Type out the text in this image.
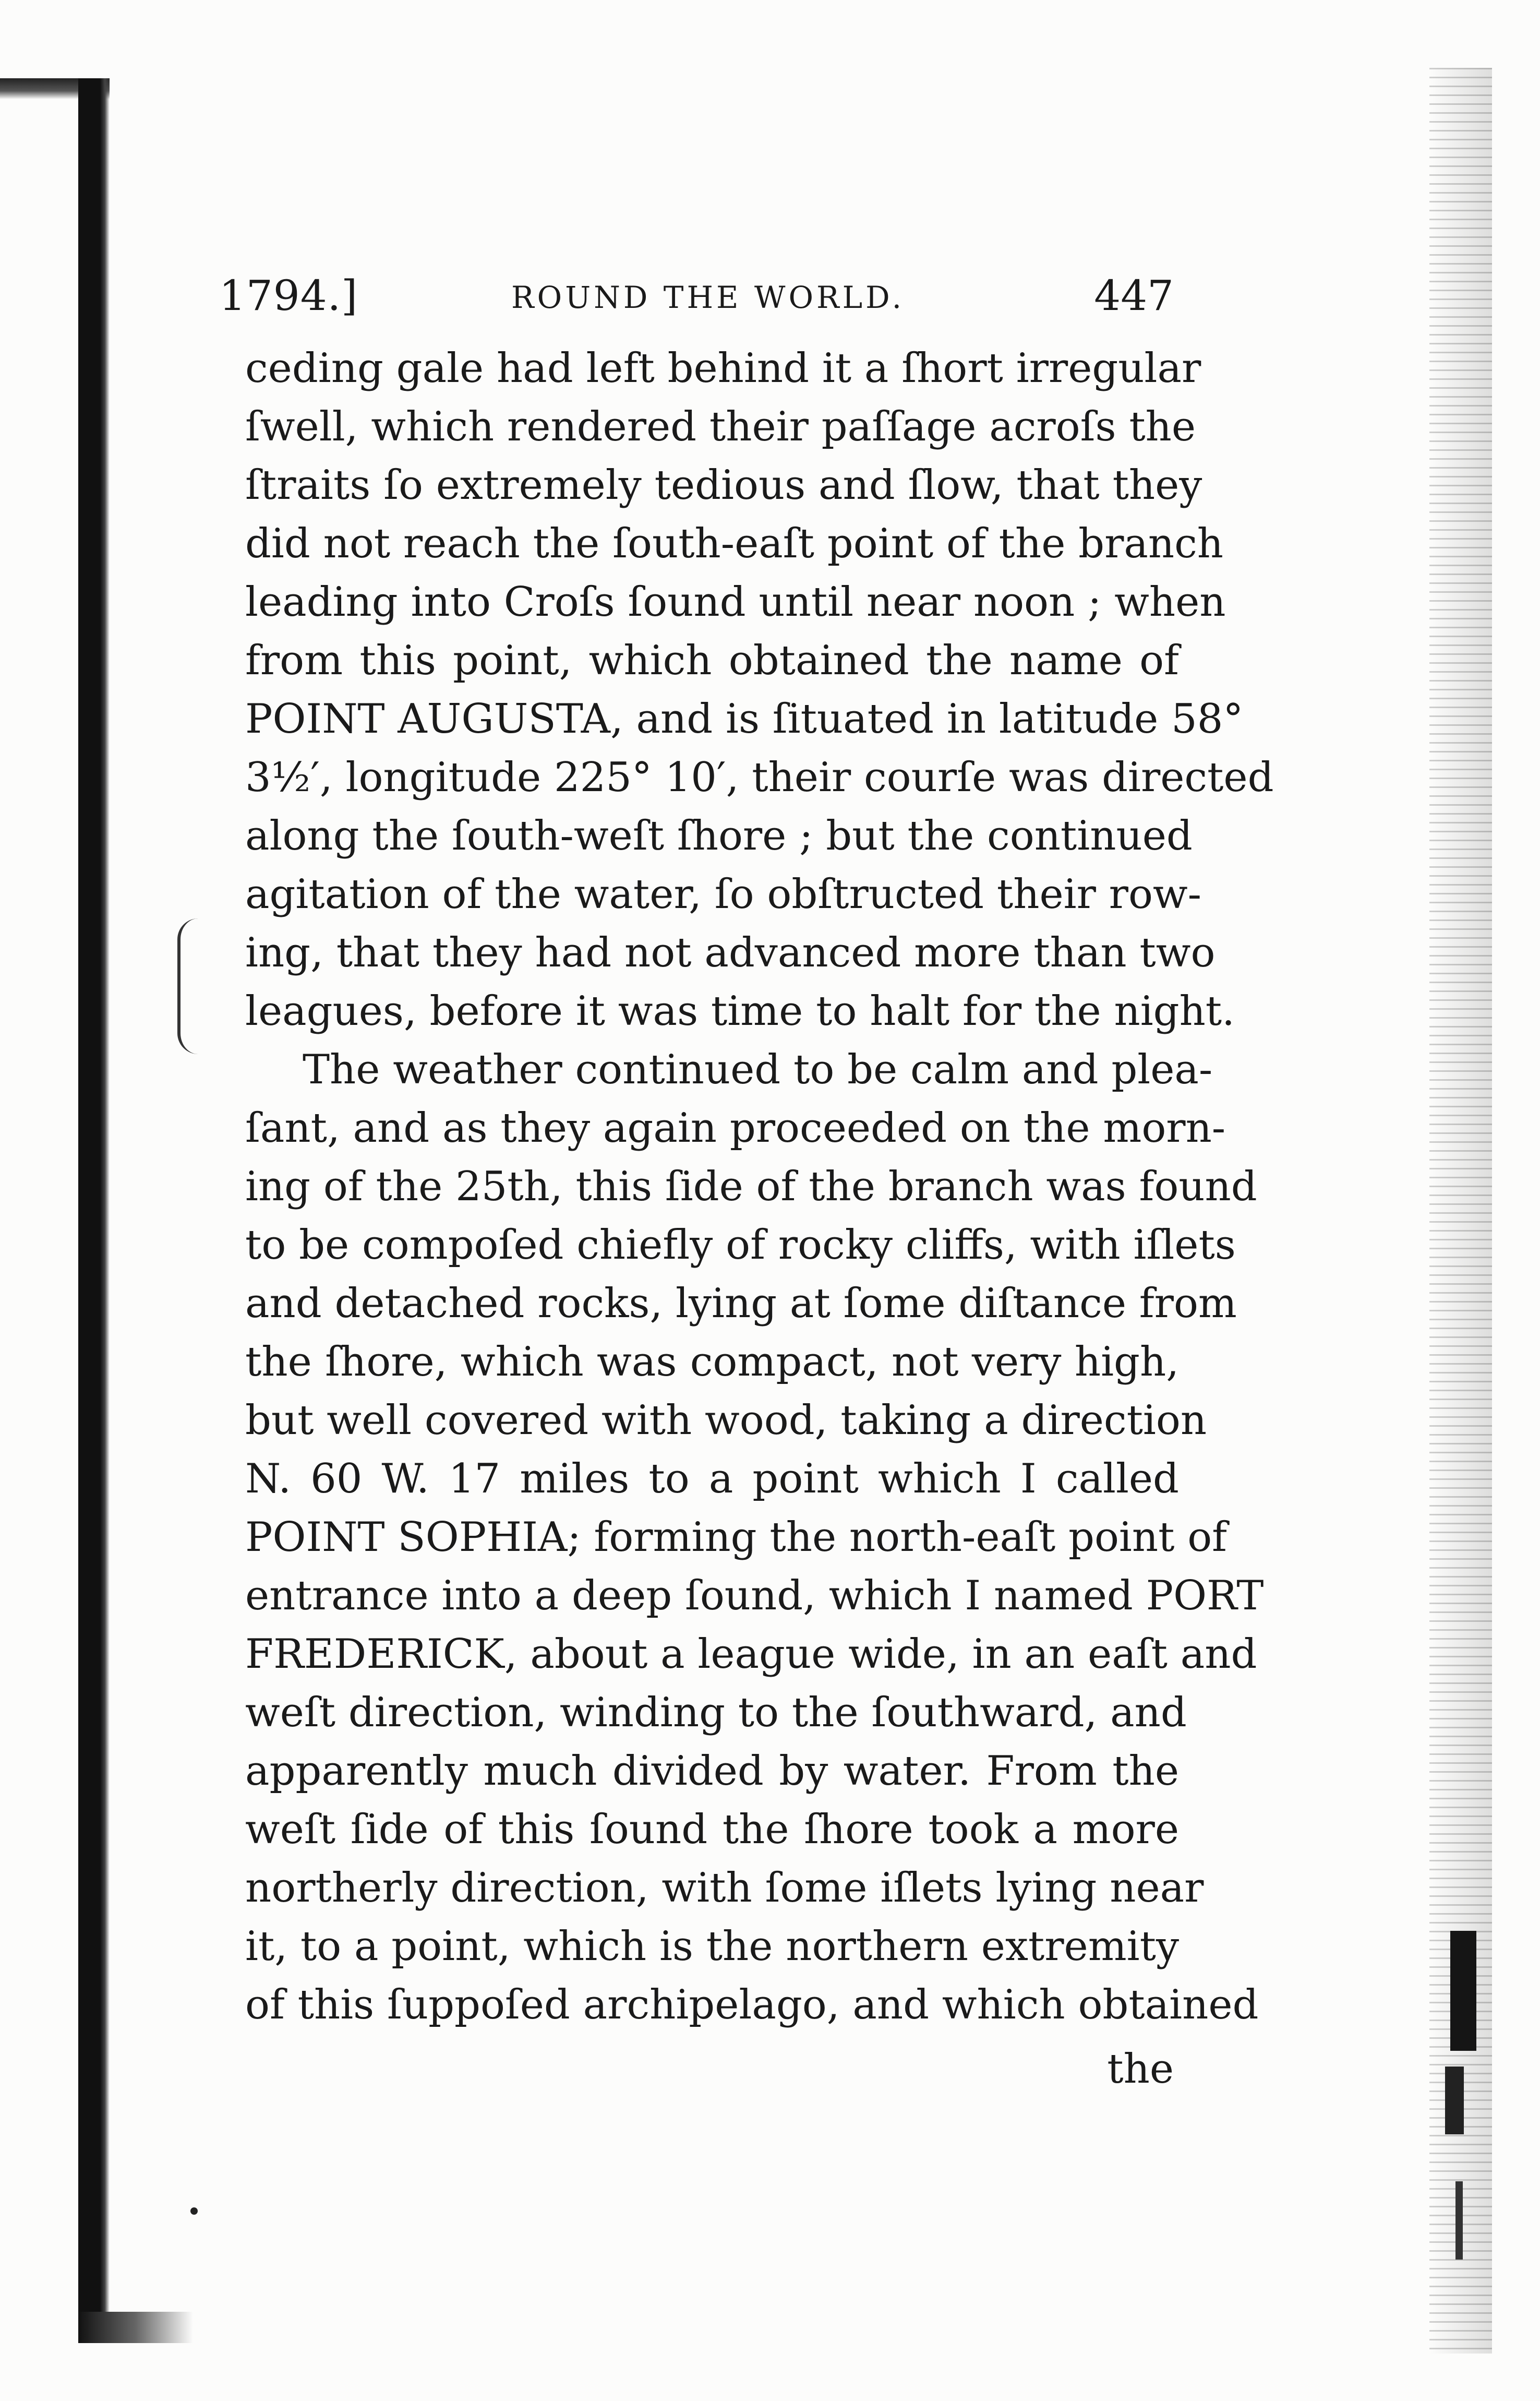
1794.]	ROUND THE WORLD.	447
ceding gale had left behind it a ſhort irregular
ſwell, which rendered their paſſage acroſs the
ſtraits ſo extremely tedious and ſlow, that they
did not reach the ſouth-eaſt point of the branch
leading into Croſs ſound until near noon ; when
from this point, which obtained the name of
POINT AUGUSTA, and is ſituated in latitude 58°
3½′, longitude 225° 10′, their courſe was directed
along the ſouth-weſt ſhore ; but the continued
agitation of the water, ſo obſtructed their row-
ing, that they had not advanced more than two
leagues, before it was time to halt for the night.
The weather continued to be calm and plea-
ſant, and as they again proceeded on the morn-
ing of the 25th, this ſide of the branch was found
to be compoſed chiefly of rocky cliffs, with iſlets
and detached rocks, lying at ſome diſtance from
the ſhore, which was compact, not very high,
but well covered with wood, taking a direction
N. 60 W. 17 miles to a point which I called
POINT SOPHIA; forming the north-eaſt point of
entrance into a deep ſound, which I named PORT
FREDERICK, about a league wide, in an eaſt and
weſt direction, winding to the ſouthward, and
apparently much divided by water. From the
weſt ſide of this ſound the ſhore took a more
northerly direction, with ſome iſlets lying near
it, to a point, which is the northern extremity
of this ſuppoſed archipelago, and which obtained
the
